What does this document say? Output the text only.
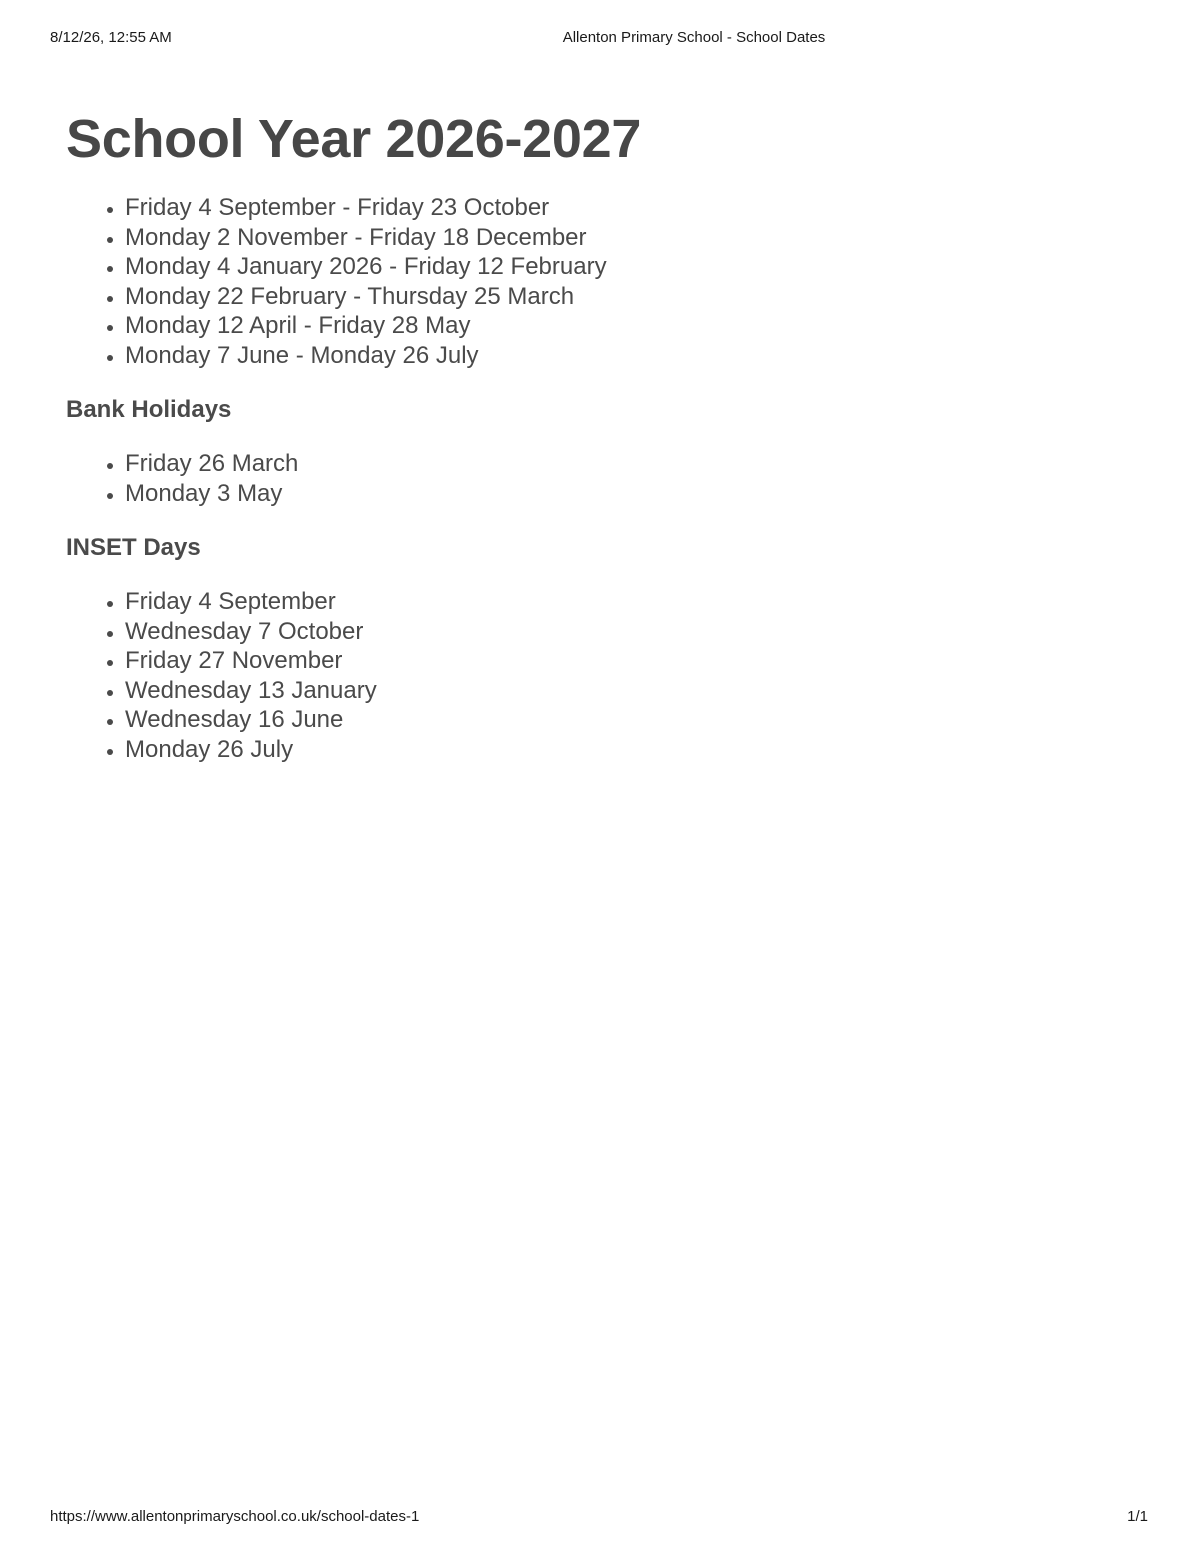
8/12/26, 12:55 AM	Allenton Primary School - School Dates
School Year 2026-2027
• Friday 4 September - Friday 23 October
• Monday 2 November - Friday 18 December
• Monday 4 January 2026 - Friday 12 February
• Monday 22 February - Thursday 25 March
• Monday 12 April - Friday 28 May
• Monday 7 June - Monday 26 July
Bank Holidays
• Friday 26 March
• Monday 3 May
INSET Days
• Friday 4 September
• Wednesday 7 October
• Friday 27 November
• Wednesday 13 January
• Wednesday 16 June
• Monday 26 July
https://www.allentonprimaryschool.co.uk/school-dates-1	1/1
